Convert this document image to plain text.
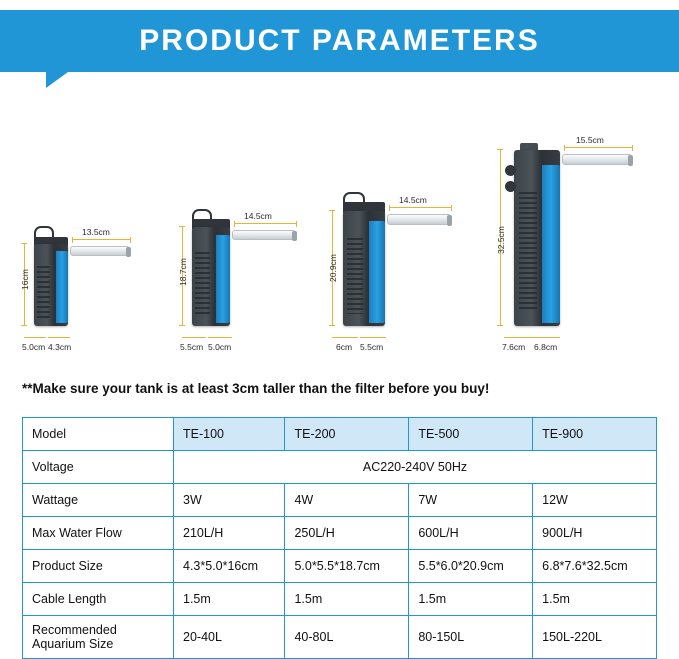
PRODUCT PARAMETERS
13.5cm
16cm
5.0cm 4.3cm
14.5cm
18.7cm
5.5cm 5.0cm
14.5cm
20.9cm
6cm 5.5cm
15.5cm
32.5cm
7.6cm 6.8cm
**Make sure your tank is at least 3cm taller than the filter before you buy!
Model	TE-100	TE-200	TE-500	TE-900
Voltage	AC220-240V 50Hz			
Wattage	3W	4W	7W	12W
Max Water Flow	210L/H	250L/H	600L/H	900L/H
Product Size	4.3*5.0*16cm	5.0*5.5*18.7cm	5.5*6.0*20.9cm	6.8*7.6*32.5cm
Cable Length	1.5m	1.5m	1.5m	1.5m
Recommended Aquarium Size	20-40L	40-80L	80-150L	150L-220L
